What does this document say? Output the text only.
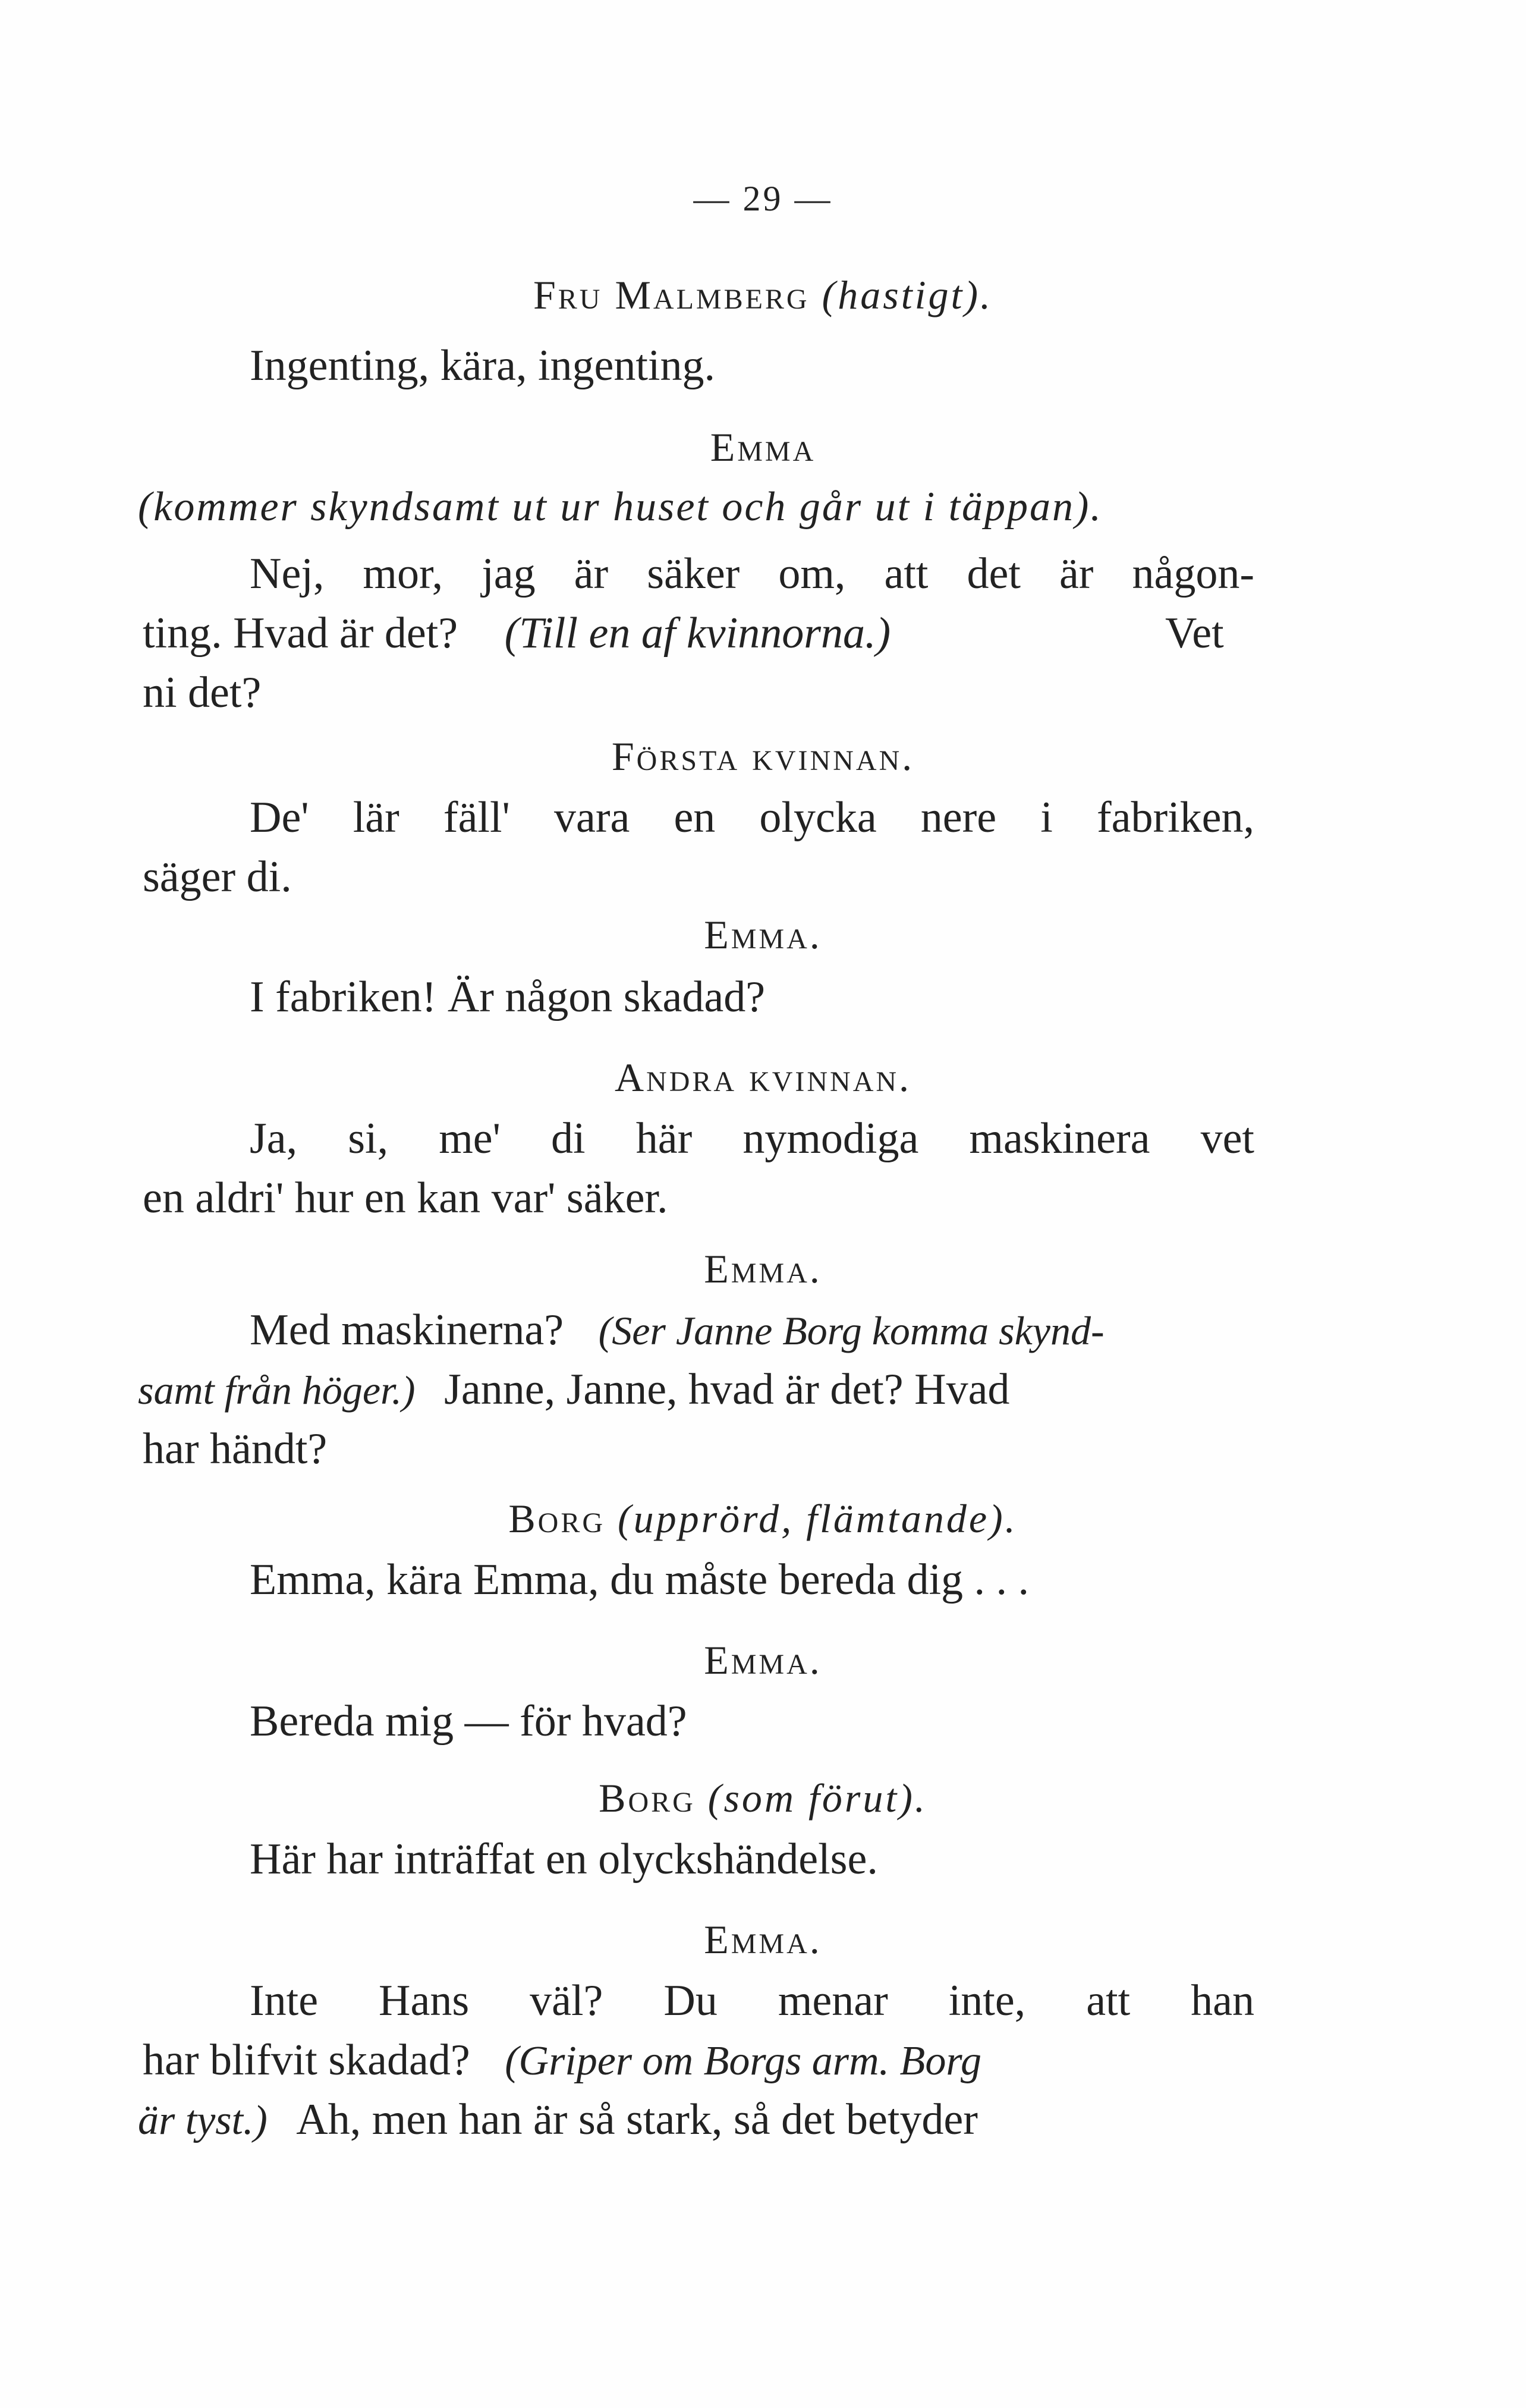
— 29 —
Fru Malmberg (hastigt).
Ingenting, kära, ingenting.
Emma
(kommer skyndsamt ut ur huset och går ut i täppan).
Nej, mor, jag är säker om, att det är någon-
ting. Hvad är det? (Till en af kvinnorna.)	Vet
ni det?
Första kvinnan.
De' lär fäll' vara en olycka nere i fabriken,
säger di.
Emma.
I fabriken! Är någon skadad?
Andra kvinnan.
Ja, si, me' di här nymodiga maskinera vet
en aldri' hur en kan var' säker.
Emma.
Med maskinerna? (Ser Janne Borg komma skynd-
samt från höger.) Janne, Janne, hvad är det? Hvad
har händt?
Borg (upprörd, flämtande).
Emma, kära Emma, du måste bereda dig . . .
Emma.
Bereda mig — för hvad?
Borg (som förut).
Här har inträffat en olyckshändelse.
Emma.
Inte Hans väl? Du menar inte, att han
har blifvit skadad? (Griper om Borgs arm. Borg
är tyst.) Ah, men han är så stark, så det betyder
